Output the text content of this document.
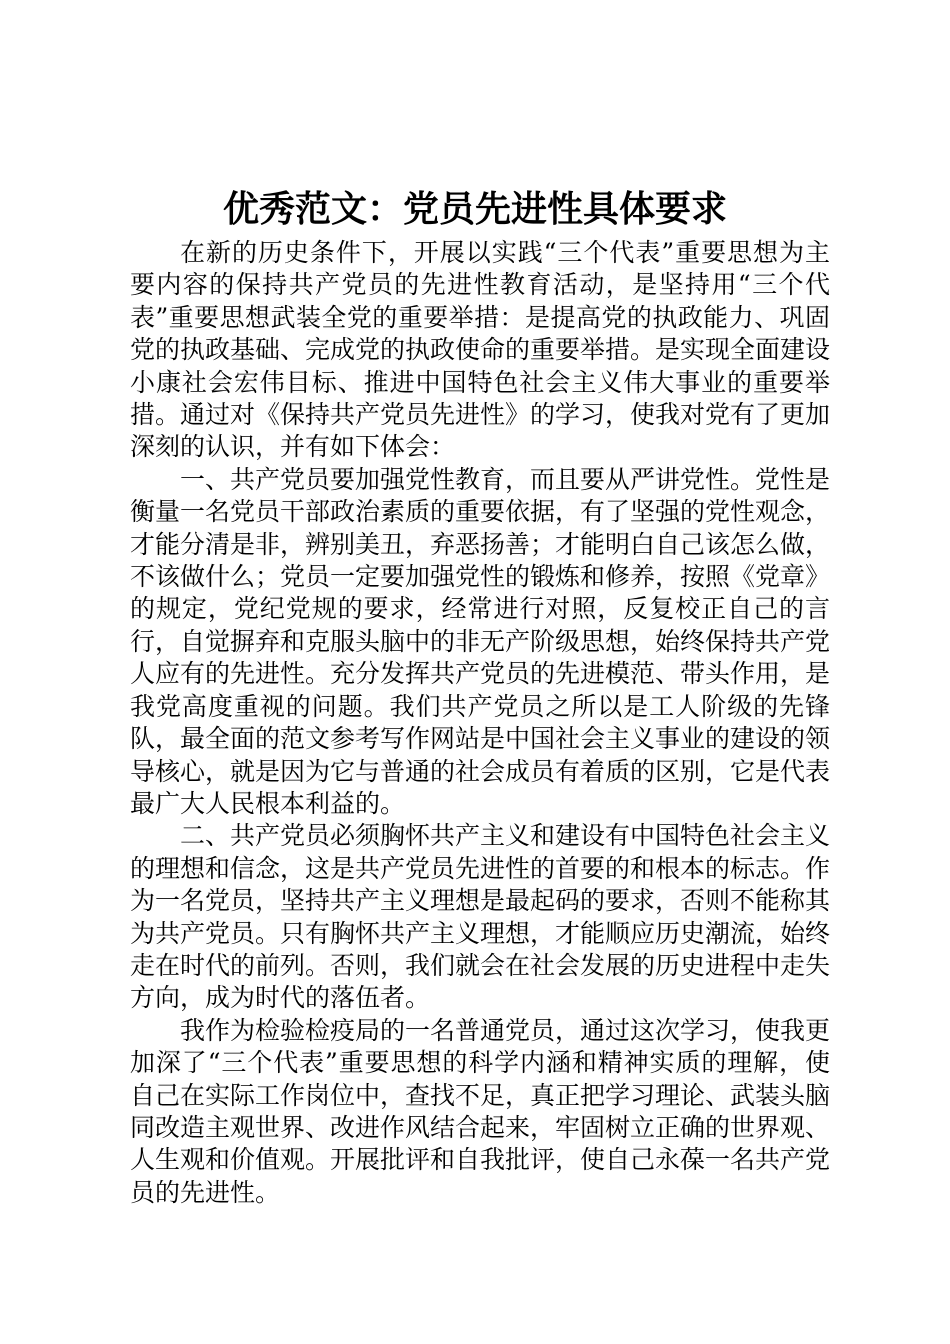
优秀范文：党员先进性具体要求

在新的历史条件下，开展以实践“三个代表”重要思想为主要内容的保持共产党员的先进性教育活动，是坚持用“三个代表”重要思想武装全党的重要举措：是提高党的执政能力、巩固党的执政基础、完成党的执政使命的重要举措。是实现全面建设小康社会宏伟目标、推进中国特色社会主义伟大事业的重要举措。通过对《保持共产党员先进性》的学习，使我对党有了更加深刻的认识，并有如下体会：

一、共产党员要加强党性教育，而且要从严讲党性。党性是衡量一名党员干部政治素质的重要依据，有了坚强的党性观念，才能分清是非，辨别美丑，弃恶扬善；才能明白自己该怎么做，不该做什么；党员一定要加强党性的锻炼和修养，按照《党章》的规定，党纪党规的要求，经常进行对照，反复校正自己的言行，自觉摒弃和克服头脑中的非无产阶级思想，始终保持共产党人应有的先进性。充分发挥共产党员的先进模范、带头作用，是我党高度重视的问题。我们共产党员之所以是工人阶级的先锋队，最全面的范文参考写作网站是中国社会主义事业的建设的领导核心，就是因为它与普通的社会成员有着质的区别，它是代表最广大人民根本利益的。

二、共产党员必须胸怀共产主义和建设有中国特色社会主义的理想和信念，这是共产党员先进性的首要的和根本的标志。作为一名党员，坚持共产主义理想是最起码的要求，否则不能称其为共产党员。只有胸怀共产主义理想，才能顺应历史潮流，始终走在时代的前列。否则，我们就会在社会发展的历史进程中走失方向，成为时代的落伍者。

我作为检验检疫局的一名普通党员，通过这次学习，使我更加深了“三个代表”重要思想的科学内涵和精神实质的理解，使自己在实际工作岗位中，查找不足，真正把学习理论、武装头脑同改造主观世界、改进作风结合起来，牢固树立正确的世界观、人生观和价值观。开展批评和自我批评，使自己永葆一名共产党员的先进性。
